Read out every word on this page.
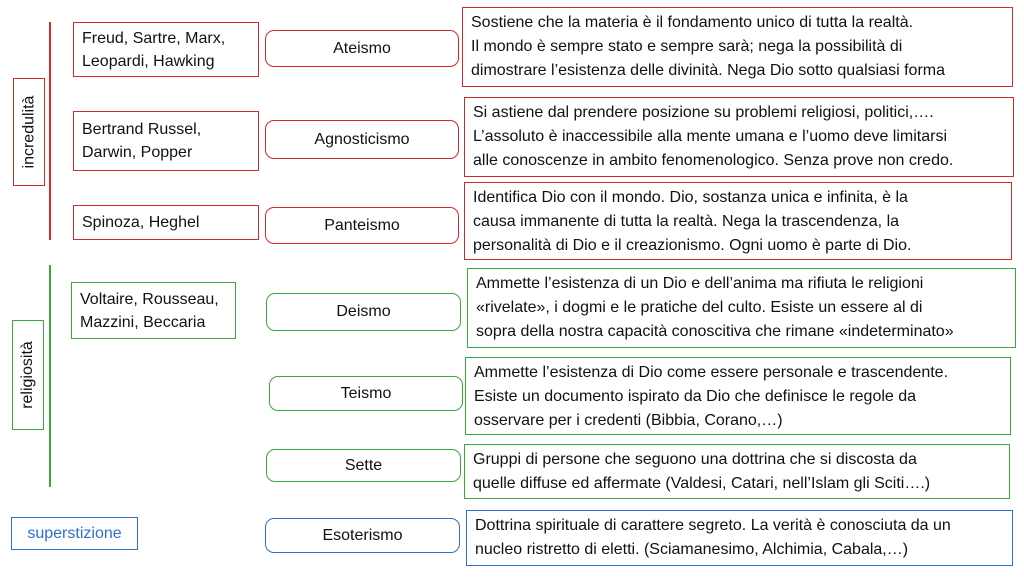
incredulità
religiosità
superstizione
Freud, Sartre, Marx,
Leopardi, Hawking
Bertrand Russel,
Darwin, Popper
Spinoza, Heghel
Voltaire, Rousseau,
Mazzini, Beccaria
Ateismo
Agnosticismo
Panteismo
Deismo
Teismo
Sette
Esoterismo
Sostiene che la materia è il fondamento unico di tutta la realtà.
Il mondo è sempre stato e sempre sarà; nega la possibilità di
dimostrare l’esistenza delle divinità. Nega Dio sotto qualsiasi forma
Si astiene dal prendere posizione su problemi religiosi, politici,….
L’assoluto è inaccessibile alla mente umana e l’uomo deve limitarsi
alle conoscenze in ambito fenomenologico. Senza prove non credo.
Identifica Dio con il mondo. Dio, sostanza unica e infinita, è la
causa immanente di tutta la realtà. Nega la trascendenza, la
personalità di Dio e il creazionismo. Ogni uomo è parte di Dio.
Ammette l’esistenza di un Dio e dell’anima ma rifiuta le religioni
«rivelate», i dogmi e le pratiche del culto. Esiste un essere al di
sopra della nostra capacità conoscitiva che rimane «indeterminato»
Ammette l’esistenza di Dio come essere personale e trascendente.
Esiste un documento ispirato da Dio che definisce le regole da
osservare per i credenti (Bibbia, Corano,…)
Gruppi di persone che seguono una dottrina che si discosta da
quelle diffuse ed affermate (Valdesi, Catari, nell’Islam gli Sciti….)
Dottrina spirituale di carattere segreto. La verità è conosciuta da un
nucleo ristretto di eletti. (Sciamanesimo, Alchimia, Cabala,…)
